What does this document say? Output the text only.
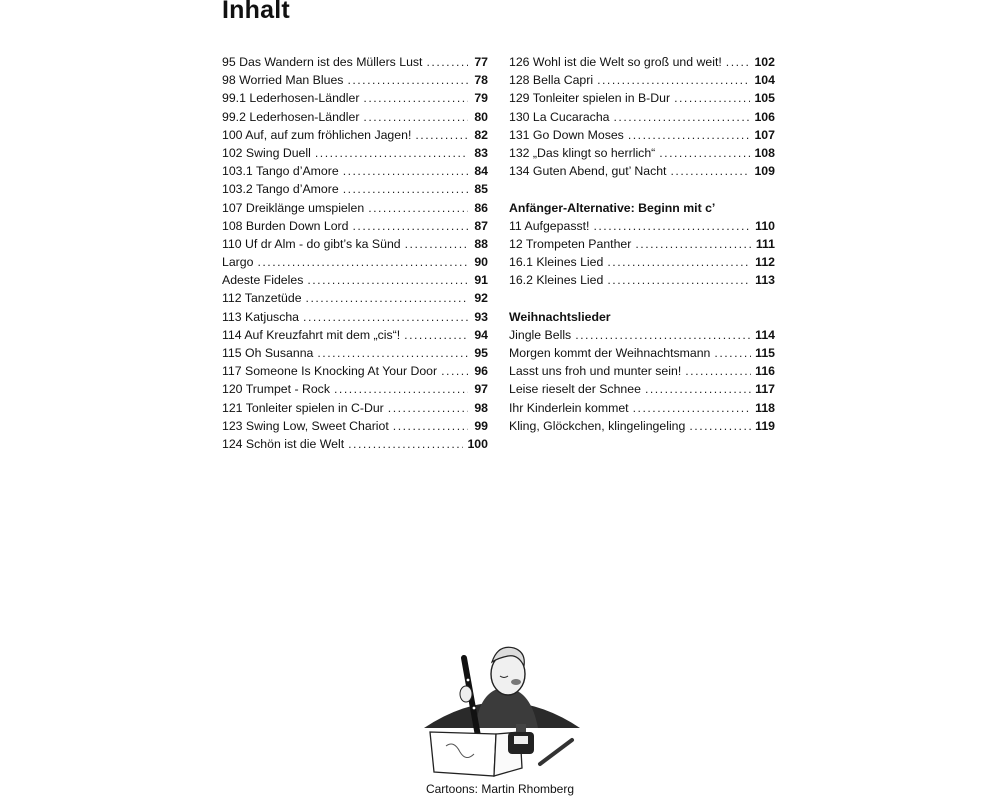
Inhalt
95 Das Wandern ist des Müllers Lust .....	77
98 Worried Man Blues .....	78
99.1 Lederhosen-Ländler .....	79
99.2 Lederhosen-Ländler .....	80
100 Auf, auf zum fröhlichen Jagen! .....	82
102 Swing Duell .....	83
103.1 Tango d’Amore .....	84
103.2 Tango d’Amore .....	85
107 Dreiklänge umspielen .....	86
108 Burden Down Lord .....	87
110 Uf dr Alm - do gibt’s ka Sünd .....	88
Largo .....	90
Adeste Fideles .....	91
112 Tanzetüde .....	92
113 Katjuscha .....	93
114 Auf Kreuzfahrt mit dem „cis“! .....	94
115 Oh Susanna .....	95
117 Someone Is Knocking At Your Door .....	96
120 Trumpet - Rock .....	97
121 Tonleiter spielen in C-Dur .....	98
123 Swing Low, Sweet Chariot .....	99
124 Schön ist die Welt .....	100
126 Wohl ist die Welt so groß und weit! .....	102
128 Bella Capri .....	104
129 Tonleiter spielen in B-Dur .....	105
130 La Cucaracha .....	106
131 Go Down Moses .....	107
132 „Das klingt so herrlich“ .....	108
134 Guten Abend, gut’ Nacht .....	109
Anfänger-Alternative: Beginn mit c’
11 Aufgepasst! .....	110
12 Trompeten Panther .....	111
16.1 Kleines Lied .....	112
16.2 Kleines Lied .....	113
Weihnachtslieder
Jingle Bells .....	114
Morgen kommt der Weihnachtsmann .....	115
Lasst uns froh und munter sein! .....	116
Leise rieselt der Schnee .....	117
Ihr Kinderlein kommet .....	118
Kling, Glöckchen, klingelingeling .....	119
Cartoons: Martin Rhomberg
